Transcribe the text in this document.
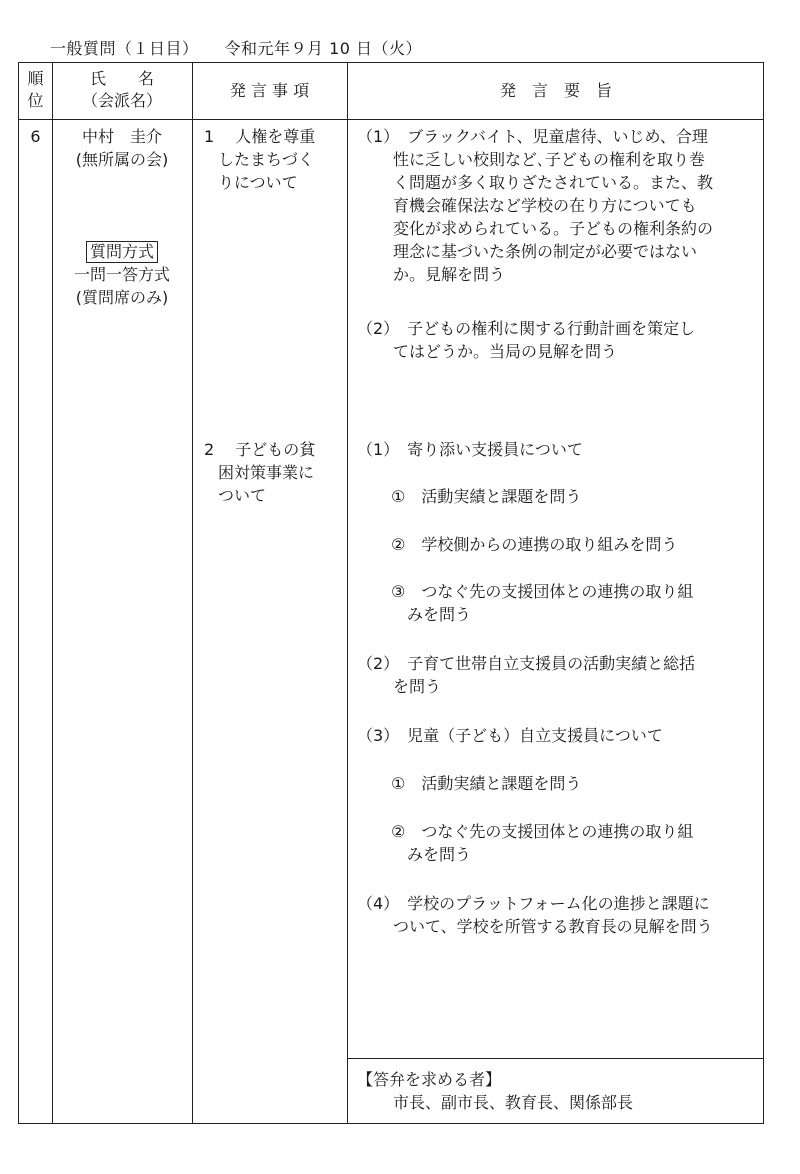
一般質問（１日目） 令和元年９月 10 日（火）
順
位
氏　　名
（会派名）
発 言 事 項	発　言　要　旨
6	中村　圭介
(無所属の会)
質問方式
一問一答方式
(質問席のみ)
1　 人権を尊重
したまちづく
りについて
2　 子どもの貧
困対策事業に
ついて
（1）　ブラックバイト、児童虐待、いじめ、合理
性に乏しい校則など､子どもの権利を取り巻
く問題が多く取りざたされている。また、教
育機会確保法など学校の在り方についても
変化が求められている。子どもの権利条約の
理念に基づいた条例の制定が必要ではない
か。見解を問う
（2）　子どもの権利に関する行動計画を策定し
てはどうか。当局の見解を問う
（1）　寄り添い支援員について
①　活動実績と課題を問う
②　学校側からの連携の取り組みを問う
③　つなぐ先の支援団体との連携の取り組
みを問う
（2）　子育て世帯自立支援員の活動実績と総括
を問う
（3）　児童（子ども）自立支援員について
①　活動実績と課題を問う
②　つなぐ先の支援団体との連携の取り組
みを問う
（4）　学校のプラットフォーム化の進捗と課題に
ついて、学校を所管する教育長の見解を問う
【答弁を求める者】
市長、副市長、教育長、関係部長
